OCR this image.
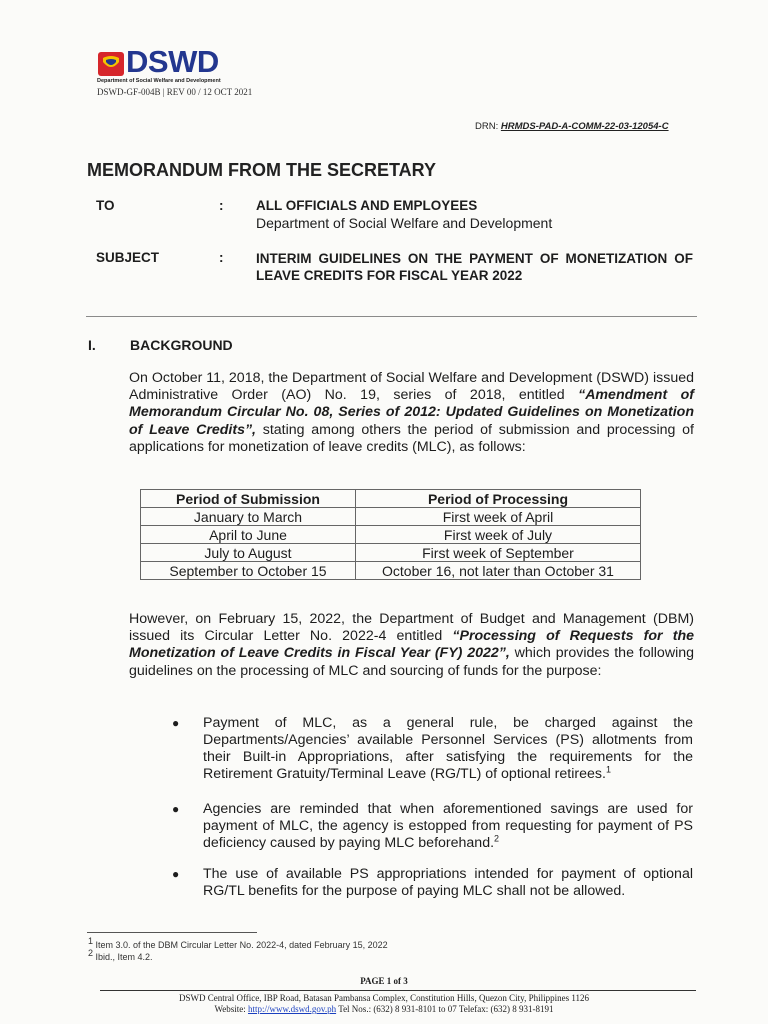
DSWD
Department of Social Welfare and Development
DSWD-GF-004B | REV 00 / 12 OCT 2021
DRN: HRMDS-PAD-A-COMM-22-03-12054-C
MEMORANDUM FROM THE SECRETARY
TO	: ALL OFFICIALS AND EMPLOYEES
Department of Social Welfare and Development
SUBJECT	: INTERIM GUIDELINES ON THE PAYMENT OF MONETIZATION OF LEAVE CREDITS FOR FISCAL YEAR 2022
I. BACKGROUND
On October 11, 2018, the Department of Social Welfare and Development (DSWD) issued Administrative Order (AO) No. 19, series of 2018, entitled “Amendment of Memorandum Circular No. 08, Series of 2012: Updated Guidelines on Monetization of Leave Credits”, stating among others the period of submission and processing of applications for monetization of leave credits (MLC), as follows:
Period of Submission	Period of Processing
January to March	First week of April
April to June	First week of July
July to August	First week of September
September to October 15	October 16, not later than October 31
However, on February 15, 2022, the Department of Budget and Management (DBM) issued its Circular Letter No. 2022-4 entitled “Processing of Requests for the Monetization of Leave Credits in Fiscal Year (FY) 2022”, which provides the following guidelines on the processing of MLC and sourcing of funds for the purpose:
● Payment of MLC, as a general rule, be charged against the Departments/Agencies’ available Personnel Services (PS) allotments from their Built-in Appropriations, after satisfying the requirements for the Retirement Gratuity/Terminal Leave (RG/TL) of optional retirees.$^1$
● Agencies are reminded that when aforementioned savings are used for payment of MLC, the agency is estopped from requesting for payment of PS deficiency caused by paying MLC beforehand.$^2$
● The use of available PS appropriations intended for payment of optional RG/TL benefits for the purpose of paying MLC shall not be allowed.
$^1$ Item 3.0. of the DBM Circular Letter No. 2022-4, dated February 15, 2022
$^2$ Ibid., Item 4.2.
PAGE 1 of 3
DSWD Central Office, IBP Road, Batasan Pambansa Complex, Constitution Hills, Quezon City, Philippines 1126
Website: http://www.dswd.gov.ph Tel Nos.: (632) 8 931-8101 to 07 Telefax: (632) 8 931-8191
